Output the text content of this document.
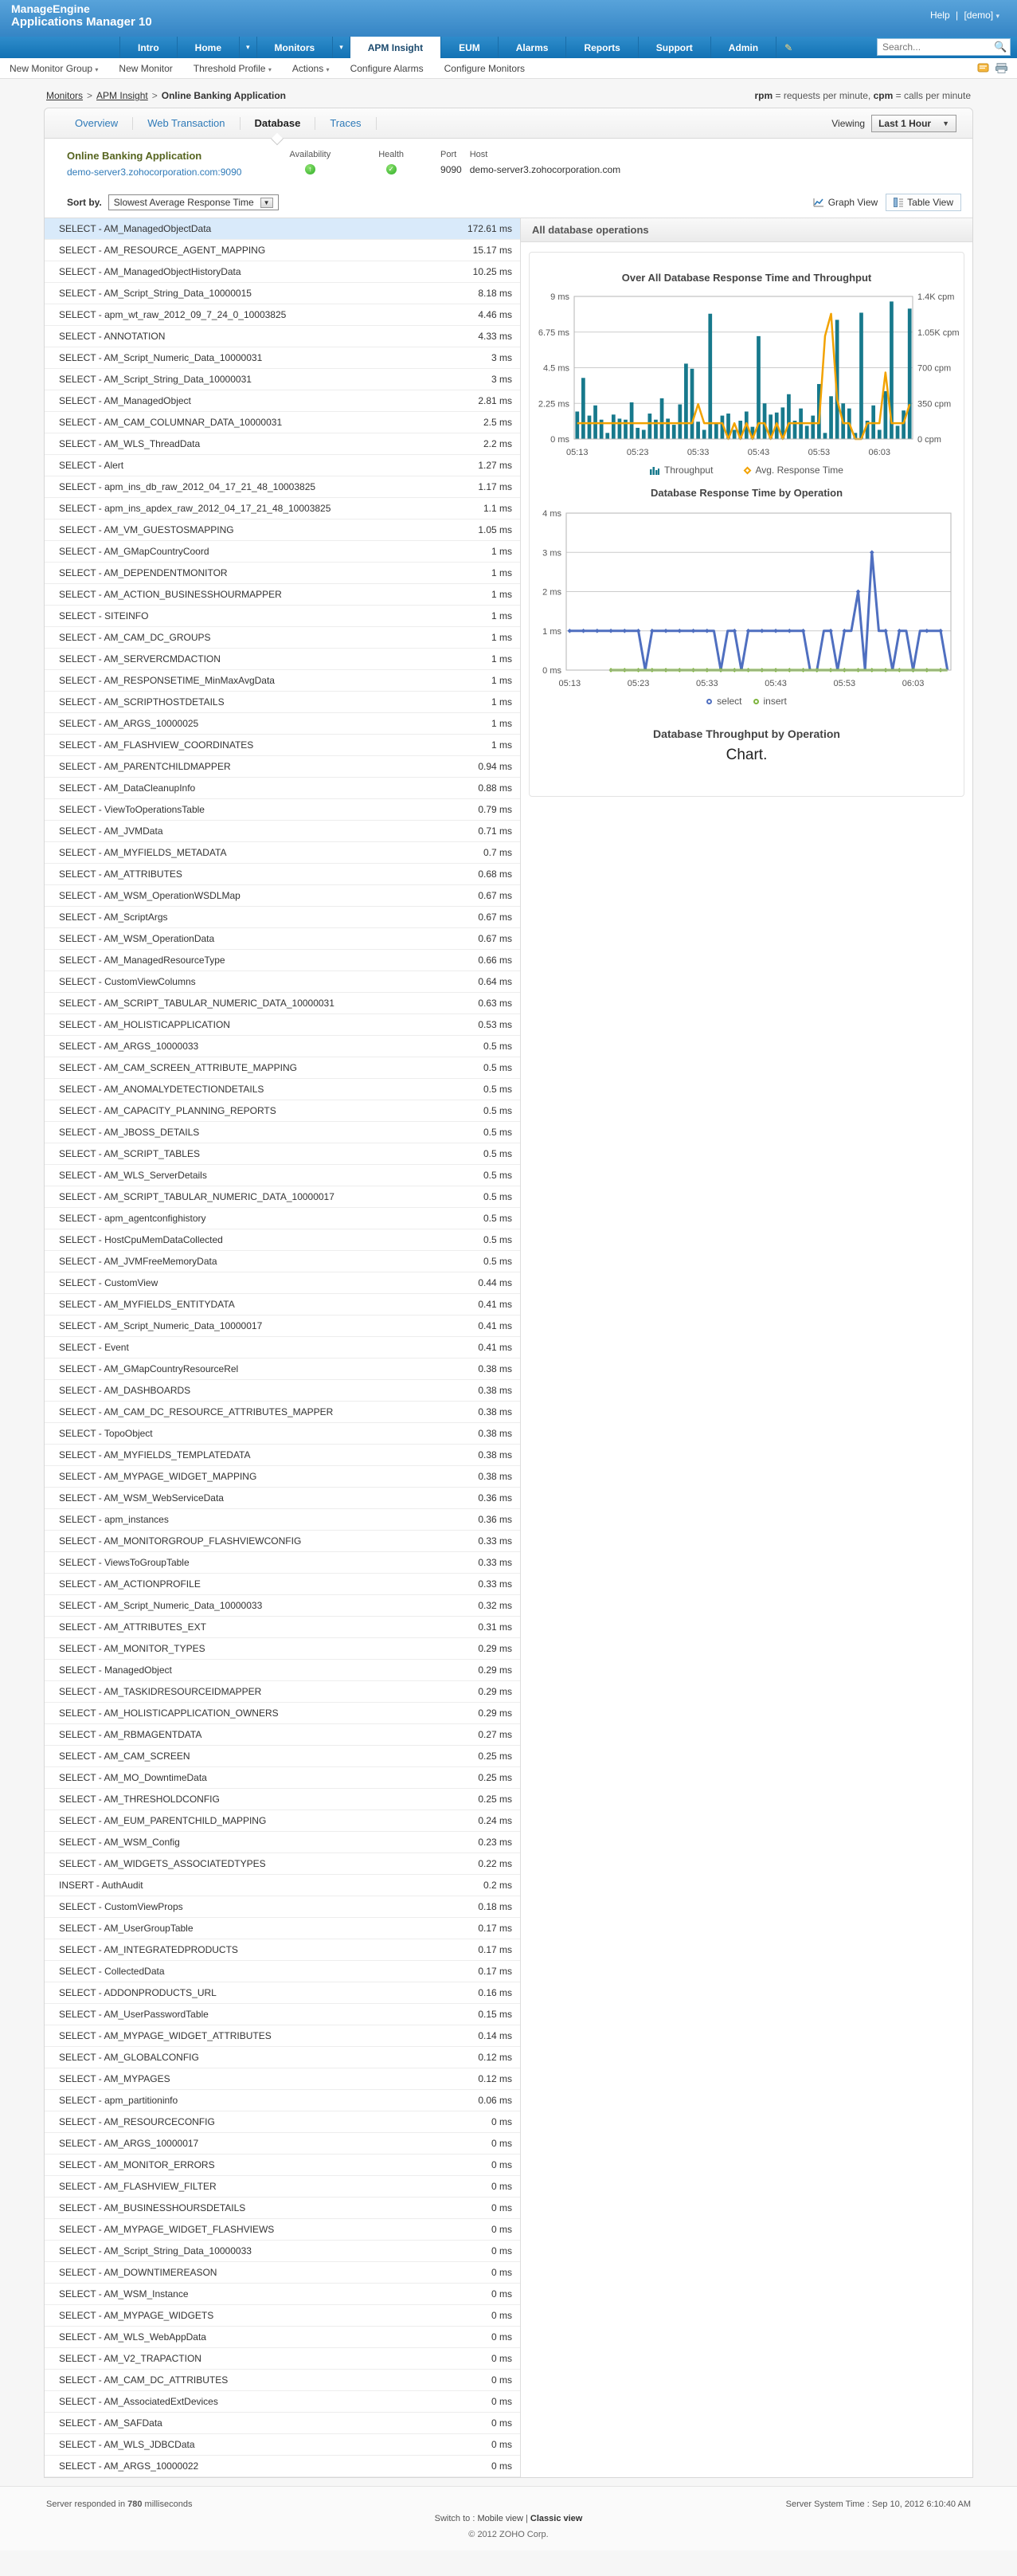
ManageEngine
Applications Manager 10	Help | [demo] ▾
Intro	Home	▾	Monitors	▾	APM Insight	EUM	Alarms	Reports	Support	Admin	✎
Search...	🔍
New Monitor Group ▾ New Monitor Threshold Profile ▾ Actions ▾ Configure Alarms Configure Monitors
Monitors > APM Insight > Online Banking Application	rpm = requests per minute, cpm = calls per minute
Overview	Web Transaction	Database	Traces	Viewing Last 1 Hour ▼
Online Banking Application
demo-server3.zohocorporation.com:9090
Availability
↑
Health
✓
Port
9090
Host
demo-server3.zohocorporation.com
Sort by. Slowest Average Response Time	▼	Graph View	Table View
SELECT - AM_ManagedObjectData	172.61 ms
SELECT - AM_RESOURCE_AGENT_MAPPING	15.17 ms
SELECT - AM_ManagedObjectHistoryData	10.25 ms
SELECT - AM_Script_String_Data_10000015	8.18 ms
SELECT - apm_wt_raw_2012_09_7_24_0_10003825	4.46 ms
SELECT - ANNOTATION	4.33 ms
SELECT - AM_Script_Numeric_Data_10000031	3 ms
SELECT - AM_Script_String_Data_10000031	3 ms
SELECT - AM_ManagedObject	2.81 ms
SELECT - AM_CAM_COLUMNAR_DATA_10000031	2.5 ms
SELECT - AM_WLS_ThreadData	2.2 ms
SELECT - Alert	1.27 ms
SELECT - apm_ins_db_raw_2012_04_17_21_48_10003825	1.17 ms
SELECT - apm_ins_apdex_raw_2012_04_17_21_48_10003825	1.1 ms
SELECT - AM_VM_GUESTOSMAPPING	1.05 ms
SELECT - AM_GMapCountryCoord	1 ms
SELECT - AM_DEPENDENTMONITOR	1 ms
SELECT - AM_ACTION_BUSINESSHOURMAPPER	1 ms
SELECT - SITEINFO	1 ms
SELECT - AM_CAM_DC_GROUPS	1 ms
SELECT - AM_SERVERCMDACTION	1 ms
SELECT - AM_RESPONSETIME_MinMaxAvgData	1 ms
SELECT - AM_SCRIPTHOSTDETAILS	1 ms
SELECT - AM_ARGS_10000025	1 ms
SELECT - AM_FLASHVIEW_COORDINATES	1 ms
SELECT - AM_PARENTCHILDMAPPER	0.94 ms
SELECT - AM_DataCleanupInfo	0.88 ms
SELECT - ViewToOperationsTable	0.79 ms
SELECT - AM_JVMData	0.71 ms
SELECT - AM_MYFIELDS_METADATA	0.7 ms
SELECT - AM_ATTRIBUTES	0.68 ms
SELECT - AM_WSM_OperationWSDLMap	0.67 ms
SELECT - AM_ScriptArgs	0.67 ms
SELECT - AM_WSM_OperationData	0.67 ms
SELECT - AM_ManagedResourceType	0.66 ms
SELECT - CustomViewColumns	0.64 ms
SELECT - AM_SCRIPT_TABULAR_NUMERIC_DATA_10000031	0.63 ms
SELECT - AM_HOLISTICAPPLICATION	0.53 ms
SELECT - AM_ARGS_10000033	0.5 ms
SELECT - AM_CAM_SCREEN_ATTRIBUTE_MAPPING	0.5 ms
SELECT - AM_ANOMALYDETECTIONDETAILS	0.5 ms
SELECT - AM_CAPACITY_PLANNING_REPORTS	0.5 ms
SELECT - AM_JBOSS_DETAILS	0.5 ms
SELECT - AM_SCRIPT_TABLES	0.5 ms
SELECT - AM_WLS_ServerDetails	0.5 ms
SELECT - AM_SCRIPT_TABULAR_NUMERIC_DATA_10000017	0.5 ms
SELECT - apm_agentconfighistory	0.5 ms
SELECT - HostCpuMemDataCollected	0.5 ms
SELECT - AM_JVMFreeMemoryData	0.5 ms
SELECT - CustomView	0.44 ms
SELECT - AM_MYFIELDS_ENTITYDATA	0.41 ms
SELECT - AM_Script_Numeric_Data_10000017	0.41 ms
SELECT - Event	0.41 ms
SELECT - AM_GMapCountryResourceRel	0.38 ms
SELECT - AM_DASHBOARDS	0.38 ms
SELECT - AM_CAM_DC_RESOURCE_ATTRIBUTES_MAPPER	0.38 ms
SELECT - TopoObject	0.38 ms
SELECT - AM_MYFIELDS_TEMPLATEDATA	0.38 ms
SELECT - AM_MYPAGE_WIDGET_MAPPING	0.38 ms
SELECT - AM_WSM_WebServiceData	0.36 ms
SELECT - apm_instances	0.36 ms
SELECT - AM_MONITORGROUP_FLASHVIEWCONFIG	0.33 ms
SELECT - ViewsToGroupTable	0.33 ms
SELECT - AM_ACTIONPROFILE	0.33 ms
SELECT - AM_Script_Numeric_Data_10000033	0.32 ms
SELECT - AM_ATTRIBUTES_EXT	0.31 ms
SELECT - AM_MONITOR_TYPES	0.29 ms
SELECT - ManagedObject	0.29 ms
SELECT - AM_TASKIDRESOURCEIDMAPPER	0.29 ms
SELECT - AM_HOLISTICAPPLICATION_OWNERS	0.29 ms
SELECT - AM_RBMAGENTDATA	0.27 ms
SELECT - AM_CAM_SCREEN	0.25 ms
SELECT - AM_MO_DowntimeData	0.25 ms
SELECT - AM_THRESHOLDCONFIG	0.25 ms
SELECT - AM_EUM_PARENTCHILD_MAPPING	0.24 ms
SELECT - AM_WSM_Config	0.23 ms
SELECT - AM_WIDGETS_ASSOCIATEDTYPES	0.22 ms
INSERT - AuthAudit	0.2 ms
SELECT - CustomViewProps	0.18 ms
SELECT - AM_UserGroupTable	0.17 ms
SELECT - AM_INTEGRATEDPRODUCTS	0.17 ms
SELECT - CollectedData	0.17 ms
SELECT - ADDONPRODUCTS_URL	0.16 ms
SELECT - AM_UserPasswordTable	0.15 ms
SELECT - AM_MYPAGE_WIDGET_ATTRIBUTES	0.14 ms
SELECT - AM_GLOBALCONFIG	0.12 ms
SELECT - AM_MYPAGES	0.12 ms
SELECT - apm_partitioninfo	0.06 ms
SELECT - AM_RESOURCECONFIG	0 ms
SELECT - AM_ARGS_10000017	0 ms
SELECT - AM_MONITOR_ERRORS	0 ms
SELECT - AM_FLASHVIEW_FILTER	0 ms
SELECT - AM_BUSINESSHOURSDETAILS	0 ms
SELECT - AM_MYPAGE_WIDGET_FLASHVIEWS	0 ms
SELECT - AM_Script_String_Data_10000033	0 ms
SELECT - AM_DOWNTIMEREASON	0 ms
SELECT - AM_WSM_Instance	0 ms
SELECT - AM_MYPAGE_WIDGETS	0 ms
SELECT - AM_WLS_WebAppData	0 ms
SELECT - AM_V2_TRAPACTION	0 ms
SELECT - AM_CAM_DC_ATTRIBUTES	0 ms
SELECT - AM_AssociatedExtDevices	0 ms
SELECT - AM_SAFData	0 ms
SELECT - AM_WLS_JDBCData	0 ms
SELECT - AM_ARGS_10000022	0 ms
All database operations
Over All Database Response Time and Throughput
0 ms	0 cpm
2.25 ms	350 cpm
4.5 ms	700 cpm
6.75 ms	1.05K cpm
9 ms	1.4K cpm
05:13	05:23	05:33	05:43	05:53	06:03
Throughput	Avg. Response Time
Database Response Time by Operation
0 ms
1 ms
2 ms
3 ms
4 ms
05:13	05:23	05:33	05:43	05:53	06:03
select insert
Database Throughput by Operation
Chart.
Server responded in 780 milliseconds	Server System Time : Sep 10, 2012 6:10:40 AM
Switch to : Mobile view | Classic view
© 2012 ZOHO Corp.
